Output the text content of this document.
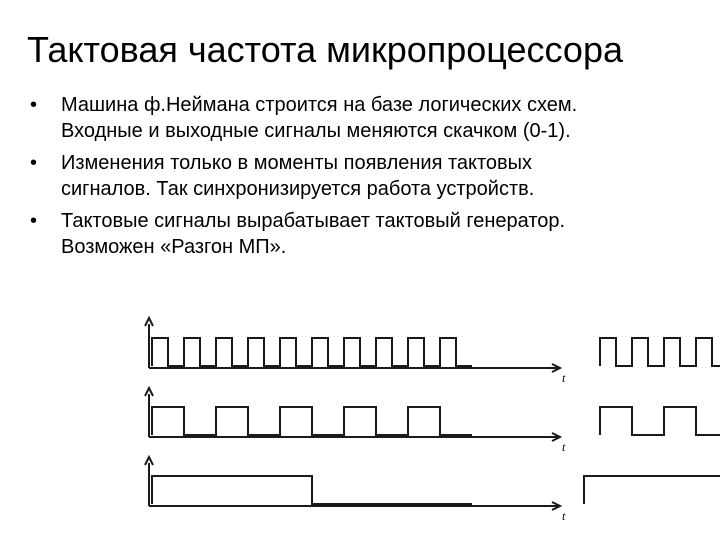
Тактовая частота микропроцессора
•	Машина ф.Неймана строится на базе логических схем.
Входные и выходные сигналы меняются скачком (0-1).
•	Изменения только в моменты появления тактовых
сигналов. Так синхронизируется работа устройств.
•	Тактовые сигналы вырабатывает тактовый генератор.
Возможен «Разгон МП».
t
t
t
